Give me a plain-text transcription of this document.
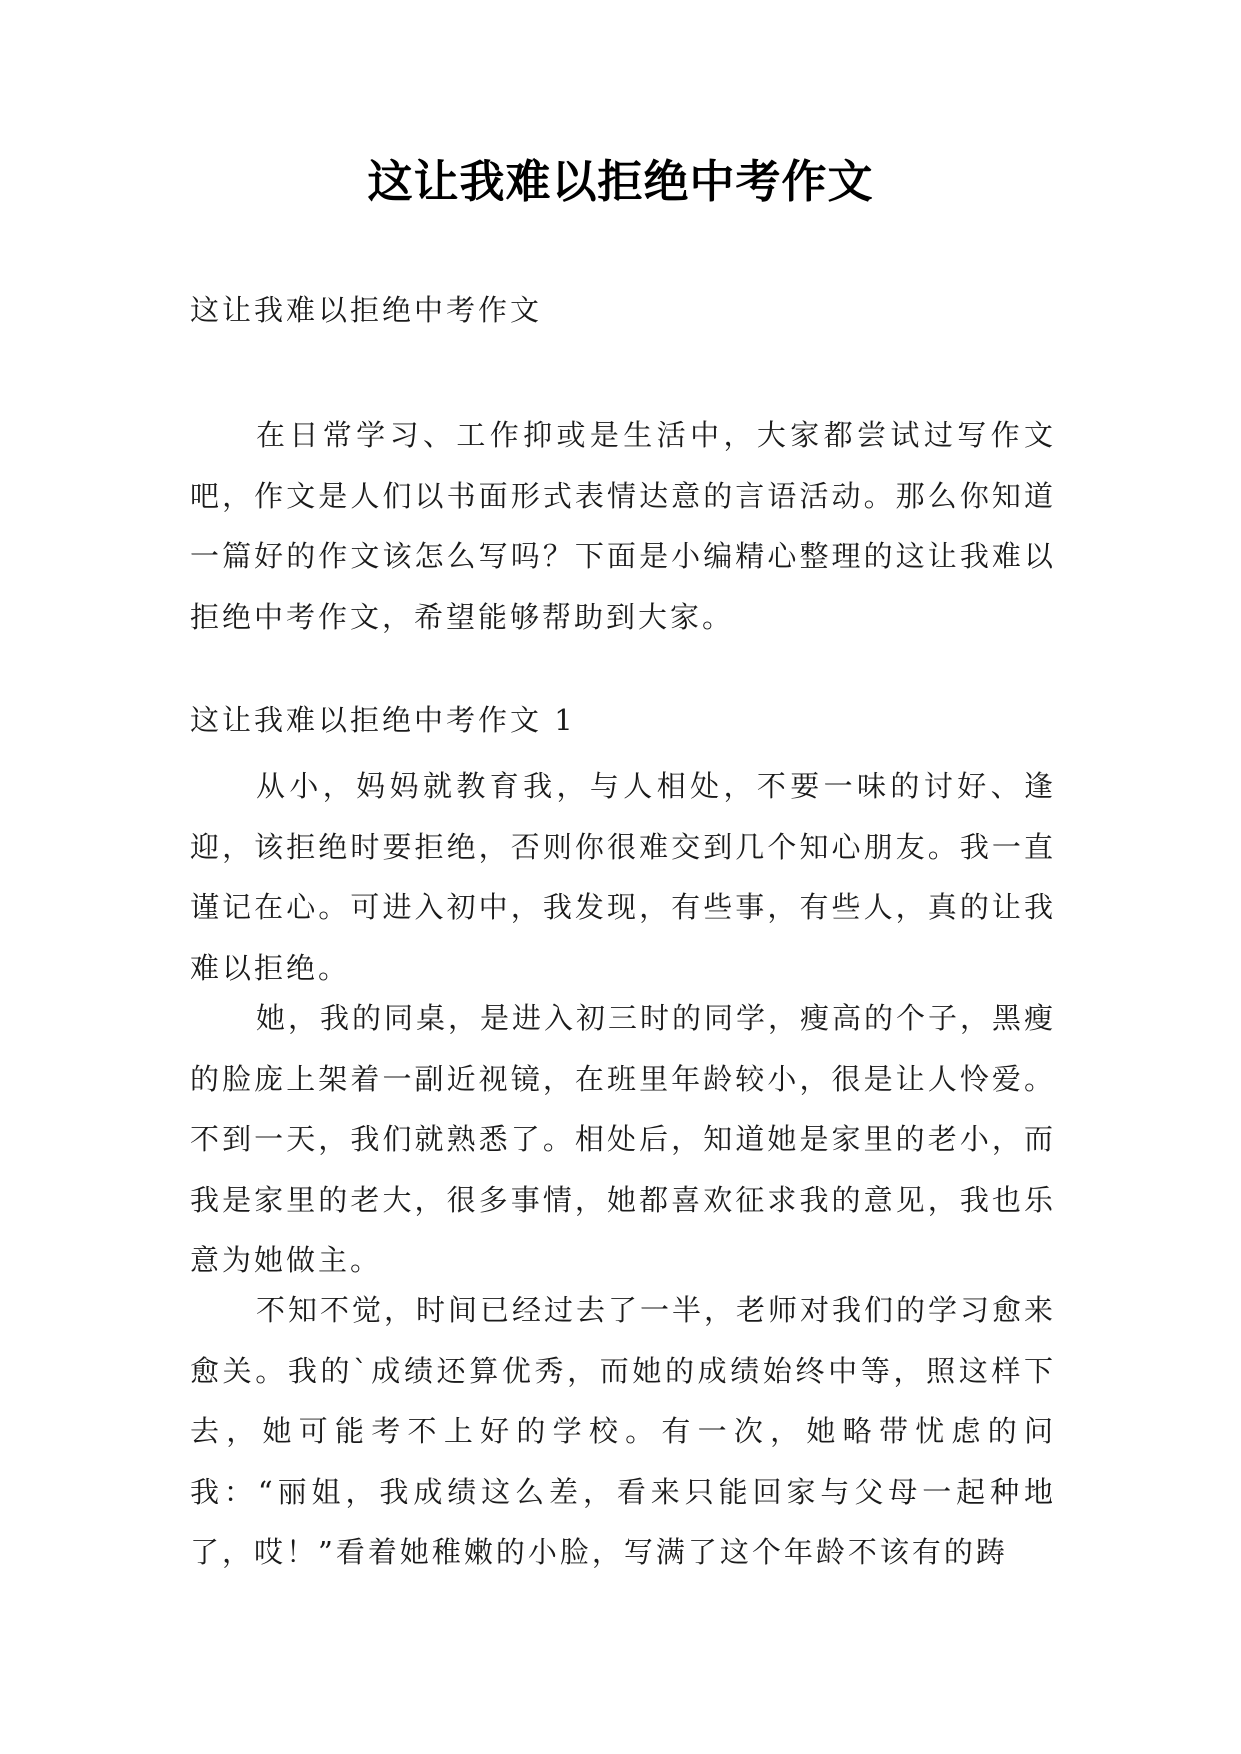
这让我难以拒绝中考作文

这让我难以拒绝中考作文

在日常学习、工作抑或是生活中，大家都尝试过写作文吧，作文是人们以书面形式表情达意的言语活动。那么你知道一篇好的作文该怎么写吗？下面是小编精心整理的这让我难以拒绝中考作文，希望能够帮助到大家。

这让我难以拒绝中考作文 1

从小，妈妈就教育我，与人相处，不要一味的讨好、逢迎，该拒绝时要拒绝，否则你很难交到几个知心朋友。我一直谨记在心。可进入初中，我发现，有些事，有些人，真的让我难以拒绝。

她，我的同桌，是进入初三时的同学，瘦高的个子，黑瘦的脸庞上架着一副近视镜，在班里年龄较小，很是让人怜爱。不到一天，我们就熟悉了。相处后，知道她是家里的老小，而我是家里的老大，很多事情，她都喜欢征求我的意见，我也乐意为她做主。

不知不觉，时间已经过去了一半，老师对我们的学习愈来愈关。我的`成绩还算优秀，而她的成绩始终中等，照这样下去，她可能考不上好的学校。有一次，她略带忧虑的问我：“丽姐，我成绩这么差，看来只能回家与父母一起种地了，哎！”看着她稚嫩的小脸，写满了这个年龄不该有的踌
